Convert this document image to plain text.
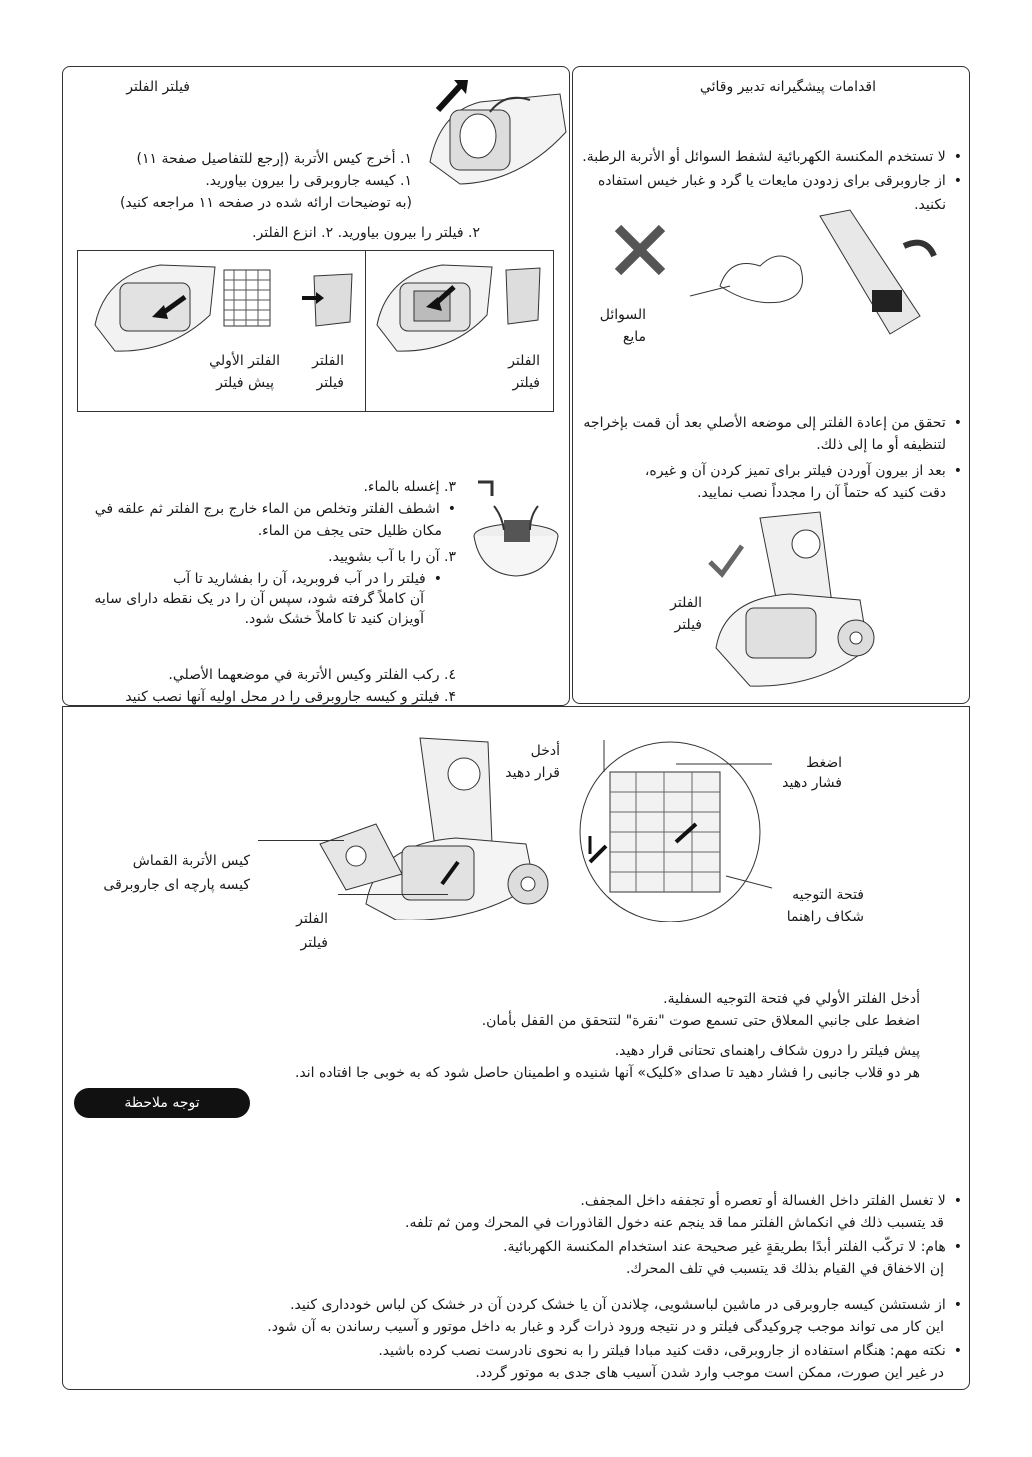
فيلتر الفلتر
١. أخرج كيس الأتربة (إرجع للتفاصيل صفحة ١١)
١. كيسه جاروبرقى را بيرون بياوريد.
(به توضيحات ارائه شده در صفحه ١١ مراجعه كنيد)
٢. فيلتر را بيرون بياوريد. ٢. انزع الفلتر.
الفلتر الأولي
پيش فيلتر
الفلتر
فيلتر
الفلتر
فيلتر
٣. إغسله بالماء.
• اشطف الفلتر وتخلص من الماء خارج برج الفلتر ثم علقه في
مكان ظليل حتى يجف من الماء.
٣. آن را با آب بشوييد.
• فيلتر را در آب فروبريد، آن را بفشاريد تا آب
آن كاملاً گرفته شود، سپس آن را در يک نقطه داراى سايه
آويزان كنيد تا كاملاً خشک شود.
٤. ركب الفلتر وكيس الأتربة في موضعهما الأصلي.
۴. فيلتر و كيسه جاروبرقى را در محل اوليه آنها نصب كنيد
اقدامات پيشگيرانه تدبير وقائي
• لا تستخدم المكنسة الكهربائية لشفط السوائل أو الأتربة الرطبة.
• از جاروبرقى براى زدودن مايعات يا گرد و غبار خيس استفاده
نكنيد.
السوائل
مايع
• تحقق من إعادة الفلتر إلى موضعه الأصلي بعد أن قمت بإخراجه
لتنظيفه أو ما إلى ذلك.
• بعد از بيرون آوردن فيلتر براى تميز كردن آن و غيره،
دقت كنيد كه حتماً آن را مجدداً نصب نماييد.
الفلتر
فيلتر
أدخل
قرار دهيد
اضغط
فشار دهيد
كيس الأتربة القماش
كيسه پارچه اى جاروبرقى
الفلتر
فيلتر
فتحة التوجيه
شكاف راهنما
أدخل الفلتر الأولي في فتحة التوجيه السفلية.
اضغط على جانبي المعلاق حتى تسمع صوت "نقرة" لتتحقق من القفل بأمان.
پيش فيلتر را درون شكاف راهنماى تحتانى قرار دهيد.
هر دو قلاب جانبى را فشار دهيد تا صداى «كليک» آنها شنيده و اطمينان حاصل شود كه به خوبى جا افتاده اند.
توجه ملاحظة
• لا تغسل الفلتر داخل الغسالة أو تعصره أو تجففه داخل المجفف.
قد يتسبب ذلك في انكماش الفلتر مما قد ينجم عنه دخول القاذورات في المحرك ومن ثم تلفه.
• هام: لا تركّب الفلتر أبدًا بطريقةٍ غير صحيحة عند استخدام المكنسة الكهربائية.
إن الاخفاق في القيام بذلك قد يتسبب في تلف المحرك.
• از شستشن كيسه جاروبرقى در ماشين لباسشويى، چلاندن آن يا خشک كردن آن در خشک كن لباس خوددارى كنيد.
اين كار مى تواند موجب چروكيدگى فيلتر و در نتيجه ورود ذرات گرد و غبار به داخل موتور و آسيب رساندن به آن شود.
• نكته مهم: هنگام استفاده از جاروبرقى، دقت كنيد مبادا فيلتر را به نحوى نادرست نصب كرده باشيد.
در غير اين صورت، ممكن است موجب وارد شدن آسيب هاى جدى به موتور گردد.
